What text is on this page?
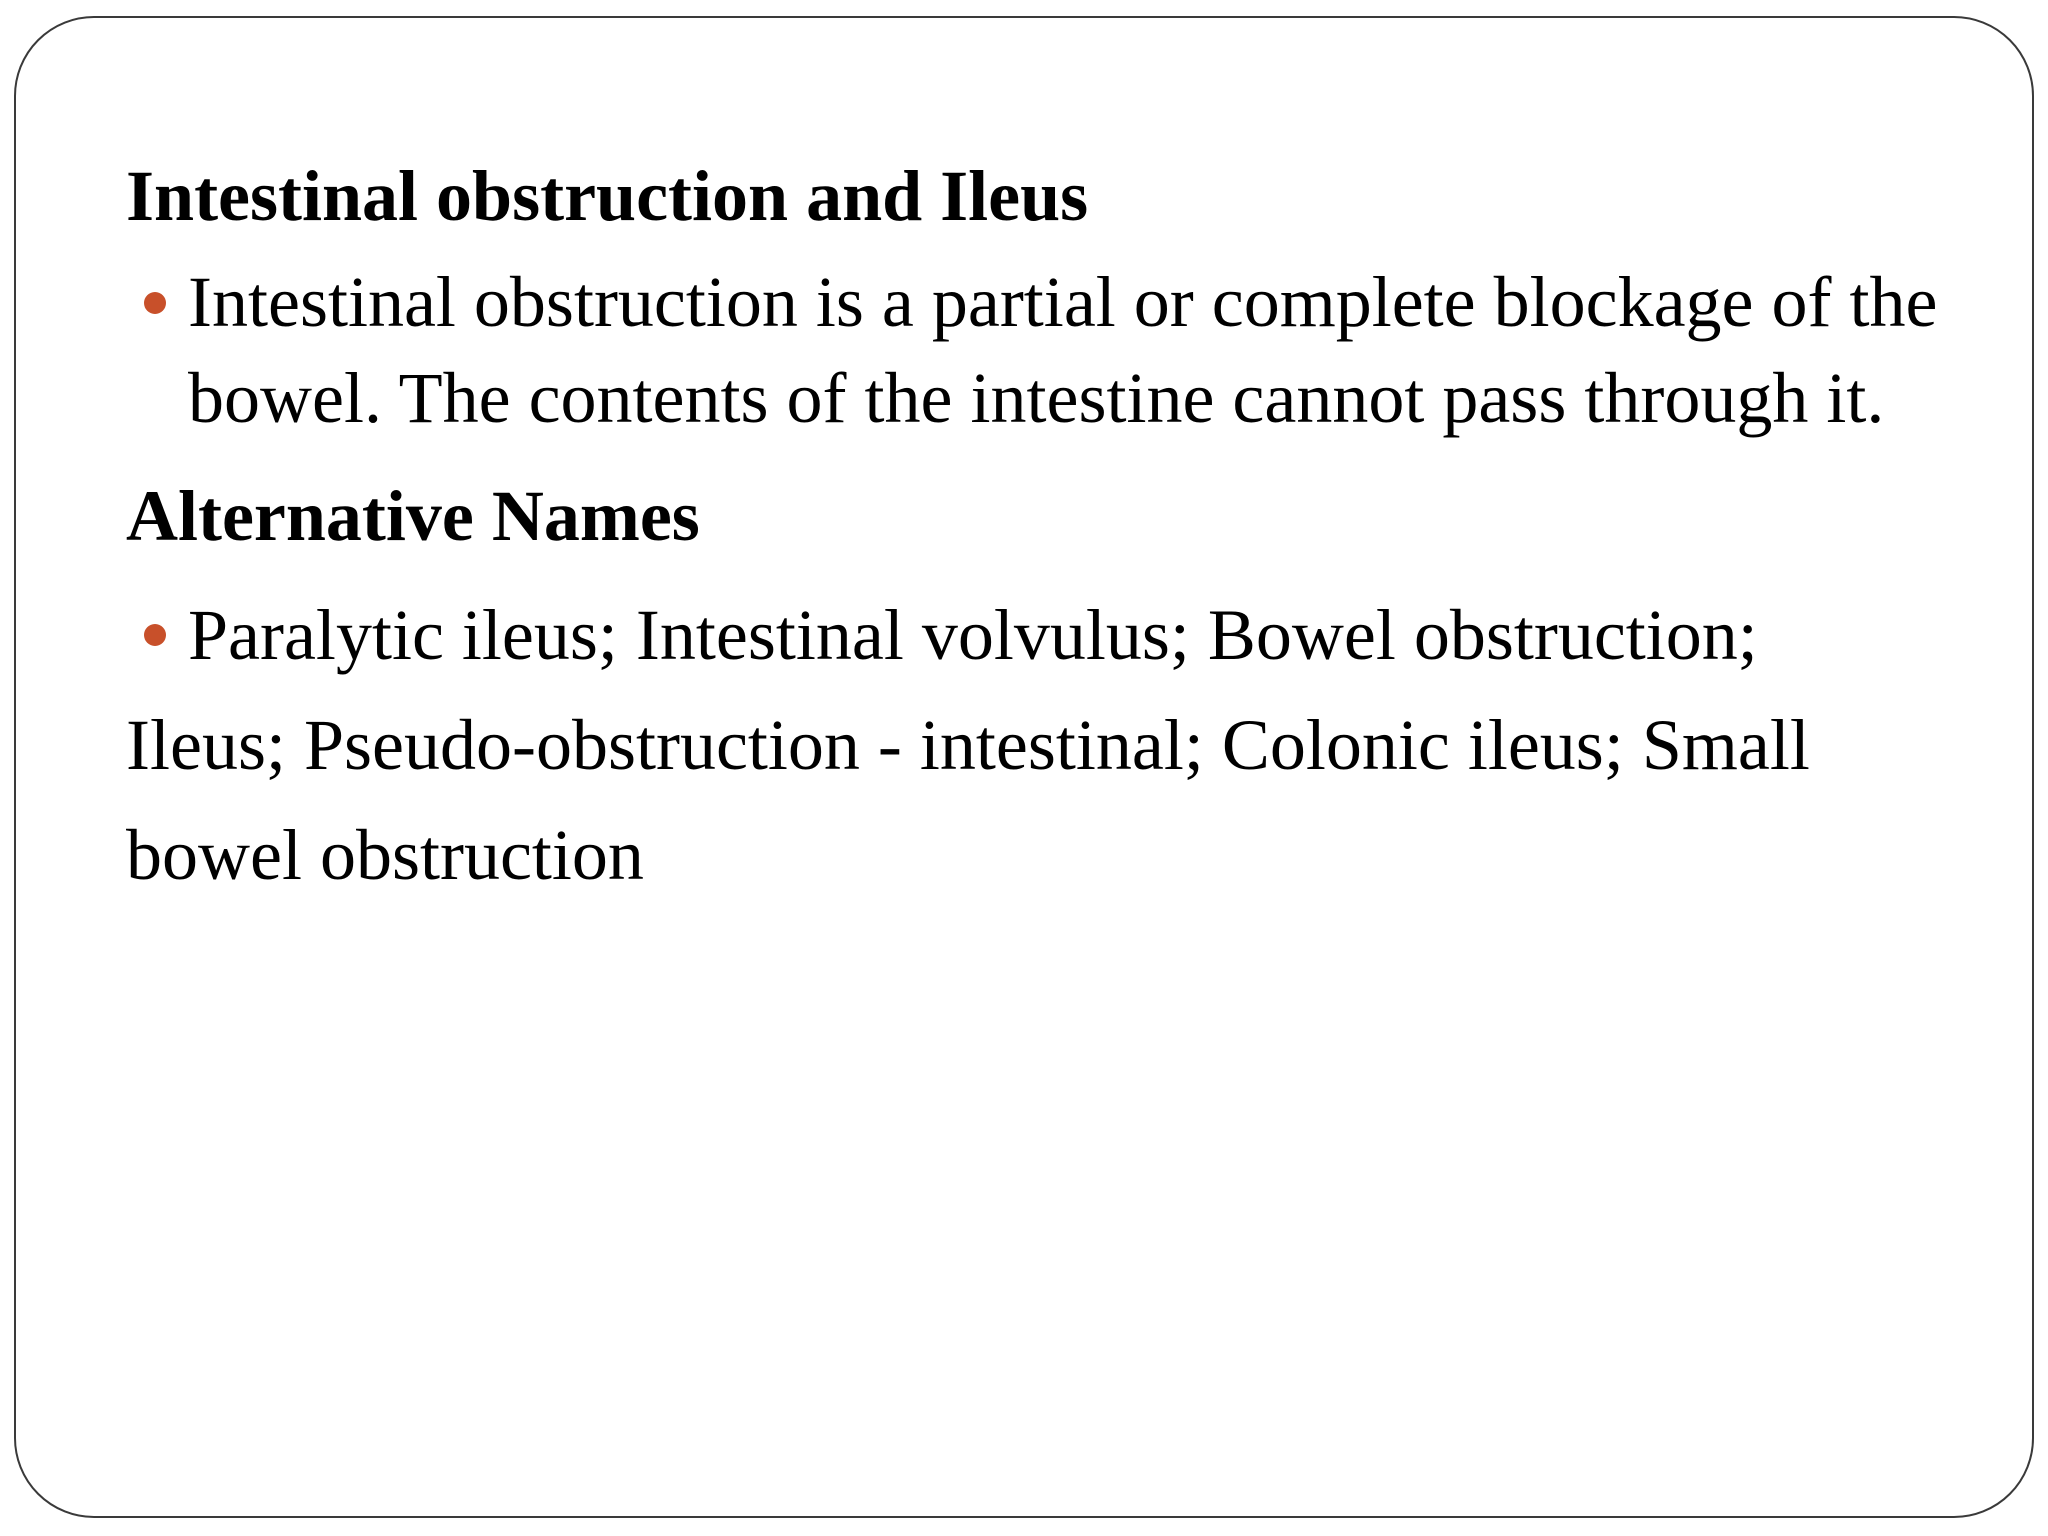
Intestinal obstruction and Ileus

Intestinal obstruction is a partial or complete blockage of the bowel. The contents of the intestine cannot pass through it.

Alternative Names

Paralytic ileus; Intestinal volvulus; Bowel obstruction;
Ileus; Pseudo-obstruction - intestinal; Colonic ileus; Small bowel obstruction
